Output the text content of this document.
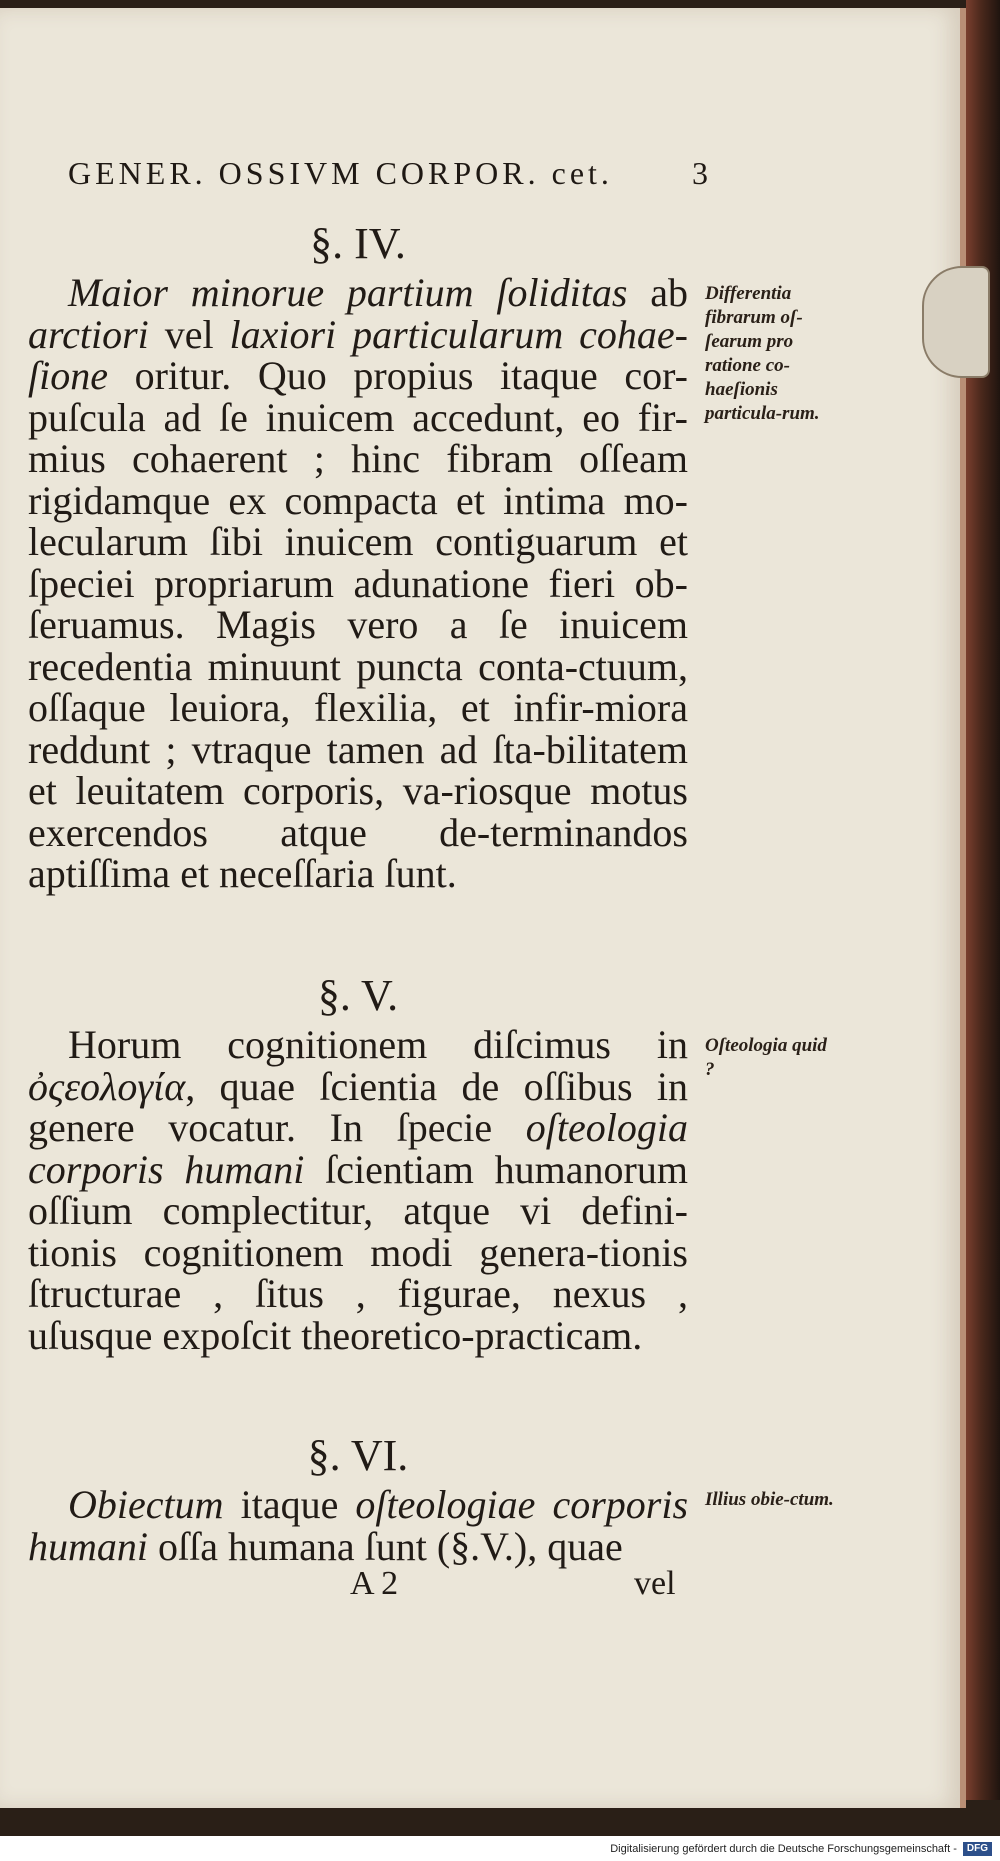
GENER. OSSIVM CORPOR. cet. 3
§. IV.
Maior minorue partium ſoliditas ab arctiori vel laxiori particularum cohae-ſione oritur. Quo propius itaque cor-puſcula ad ſe inuicem accedunt, eo fir-mius cohaerent ; hinc fibram oſſeam rigidamque ex compacta et intima mo-lecularum ſibi inuicem contiguarum et ſpeciei propriarum adunatione fieri ob-ſeruamus. Magis vero a ſe inuicem recedentia minuunt puncta conta-ctuum, oſſaque leuiora, flexilia, et infir-miora reddunt ; vtraque tamen ad ſta-bilitatem et leuitatem corporis, va-riosque motus exercendos atque de-terminandos aptiſſima et neceſſaria ſunt.
Differentia fibrarum oſ-ſearum pro ratione co-haeſionis particula-rum.
§. V.
Horum cognitionem diſcimus in ὀςεολογία, quae ſcientia de oſſibus in genere vocatur. In ſpecie oſteologia corporis humani ſcientiam humanorum oſſium complectitur, atque vi defini-tionis cognitionem modi genera-tionis ſtructurae , ſitus , figurae, nexus , uſusque expoſcit theoretico-practicam.
Oſteologia quid ?
§. VI.
Obiectum itaque oſteologiae corporis humani oſſa humana ſunt (§.V.), quae
Illius obie-ctum.
A 2	vel
Digitalisierung gefördert durch die Deutsche Forschungsgemeinschaft -	DFG
